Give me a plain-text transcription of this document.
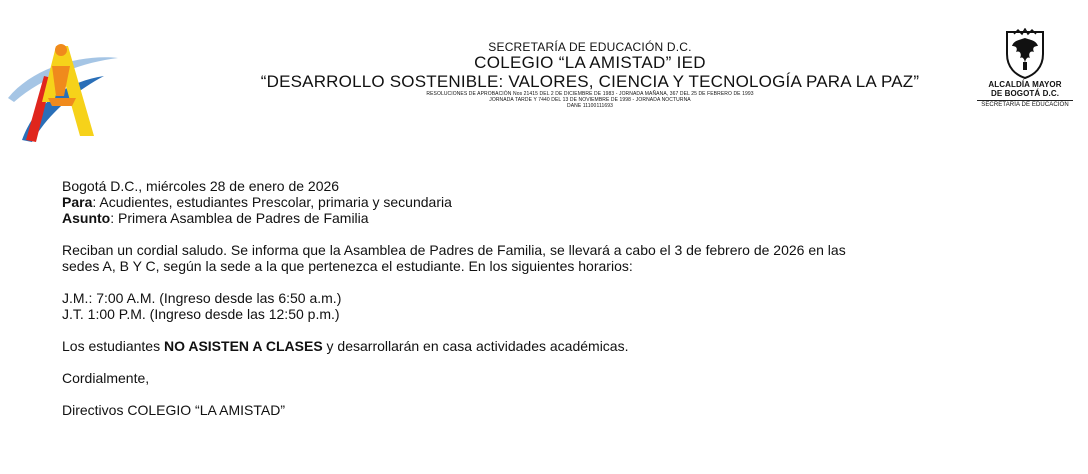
SECRETARÍA DE EDUCACIÓN D.C.
COLEGIO “LA AMISTAD” IED
“DESARROLLO SOSTENIBLE: VALORES, CIENCIA Y TECNOLOGÍA PARA LA PAZ”
RESOLUCIONES DE APROBACIÓN Nos 21415 DEL 2 DE DICIEMBRE DE 1983 - JORNADA MAÑANA, 367 DEL 25 DE FEBRERO DE 1993
JORNADA TARDE Y 7440 DEL 13 DE NOVIEMBRE DE 1998 - JORNADA NOCTURNA
DANE 11100111693
ALCALDÍA MAYOR
DE BOGOTÁ D.C.
SECRETARÍA DE EDUCACIÓN

Bogotá D.C., miércoles 28 de enero de 2026

Para: Acudientes, estudiantes Prescolar, primaria y secundaria

Asunto: Primera Asamblea de Padres de Familia

Reciban un cordial saludo. Se informa que la Asamblea de Padres de Familia, se llevará a cabo el 3 de febrero de 2026 en las

sedes A, B Y C, según la sede a la que pertenezca el estudiante. En los siguientes horarios:

J.M.: 7:00 A.M. (Ingreso desde las 6:50 a.m.)

J.T. 1:00 P.M. (Ingreso desde las 12:50 p.m.)

Los estudiantes NO ASISTEN A CLASES y desarrollarán en casa actividades académicas.

Cordialmente,

Directivos COLEGIO “LA AMISTAD”
